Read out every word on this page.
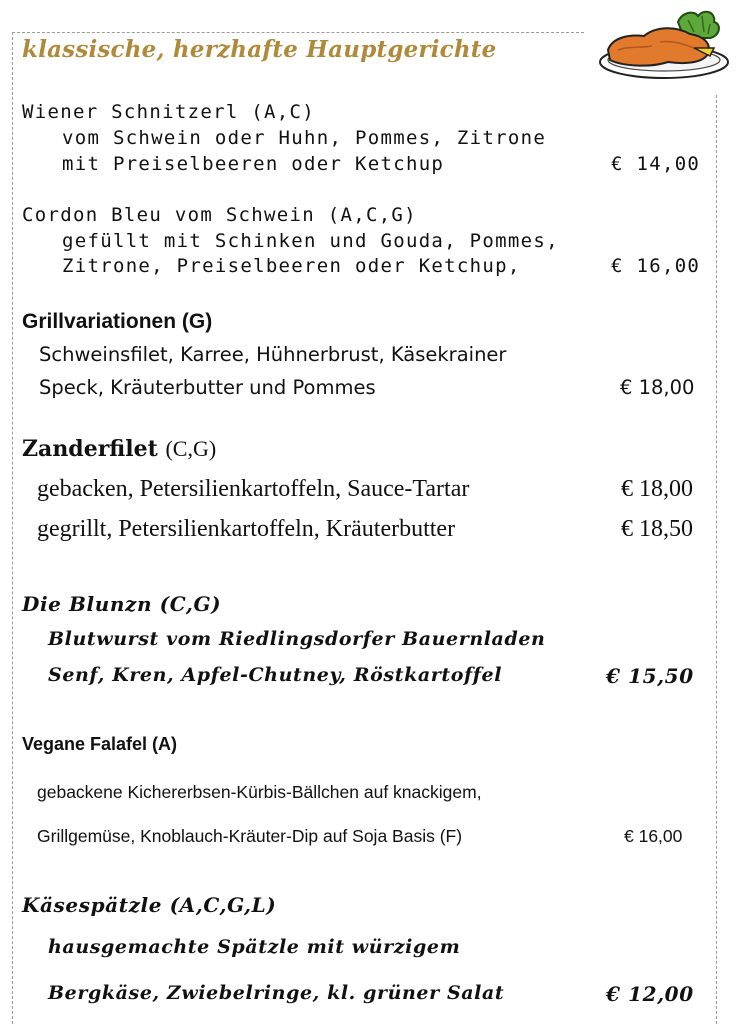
klassische, herzhafte Hauptgerichte
Wiener Schnitzerl (A,C)
vom Schwein oder Huhn, Pommes, Zitrone
mit Preiselbeeren oder Ketchup	€ 14,00
Cordon Bleu vom Schwein (A,C,G)
gefüllt mit Schinken und Gouda, Pommes,
Zitrone, Preiselbeeren oder Ketchup,	€ 16,00
Grillvariationen (G)
Schweinsfilet, Karree, Hühnerbrust, Käsekrainer
Speck, Kräuterbutter und Pommes	€ 18,00
Zanderfilet (C,G)
gebacken, Petersilienkartoffeln, Sauce-Tartar	€ 18,00
gegrillt, Petersilienkartoffeln, Kräuterbutter	€ 18,50
Die Blunzn (C,G)
Blutwurst vom Riedlingsdorfer Bauernladen
Senf, Kren, Apfel-Chutney, Röstkartoffel	€ 15,50
Vegane Falafel (A)
gebackene Kichererbsen-Kürbis-Bällchen auf knackigem,
Grillgemüse, Knoblauch-Kräuter-Dip auf Soja Basis (F)	€ 16,00
Käsespätzle (A,C,G,L)
hausgemachte Spätzle mit würzigem
Bergkäse, Zwiebelringe, kl. grüner Salat	€ 12,00
